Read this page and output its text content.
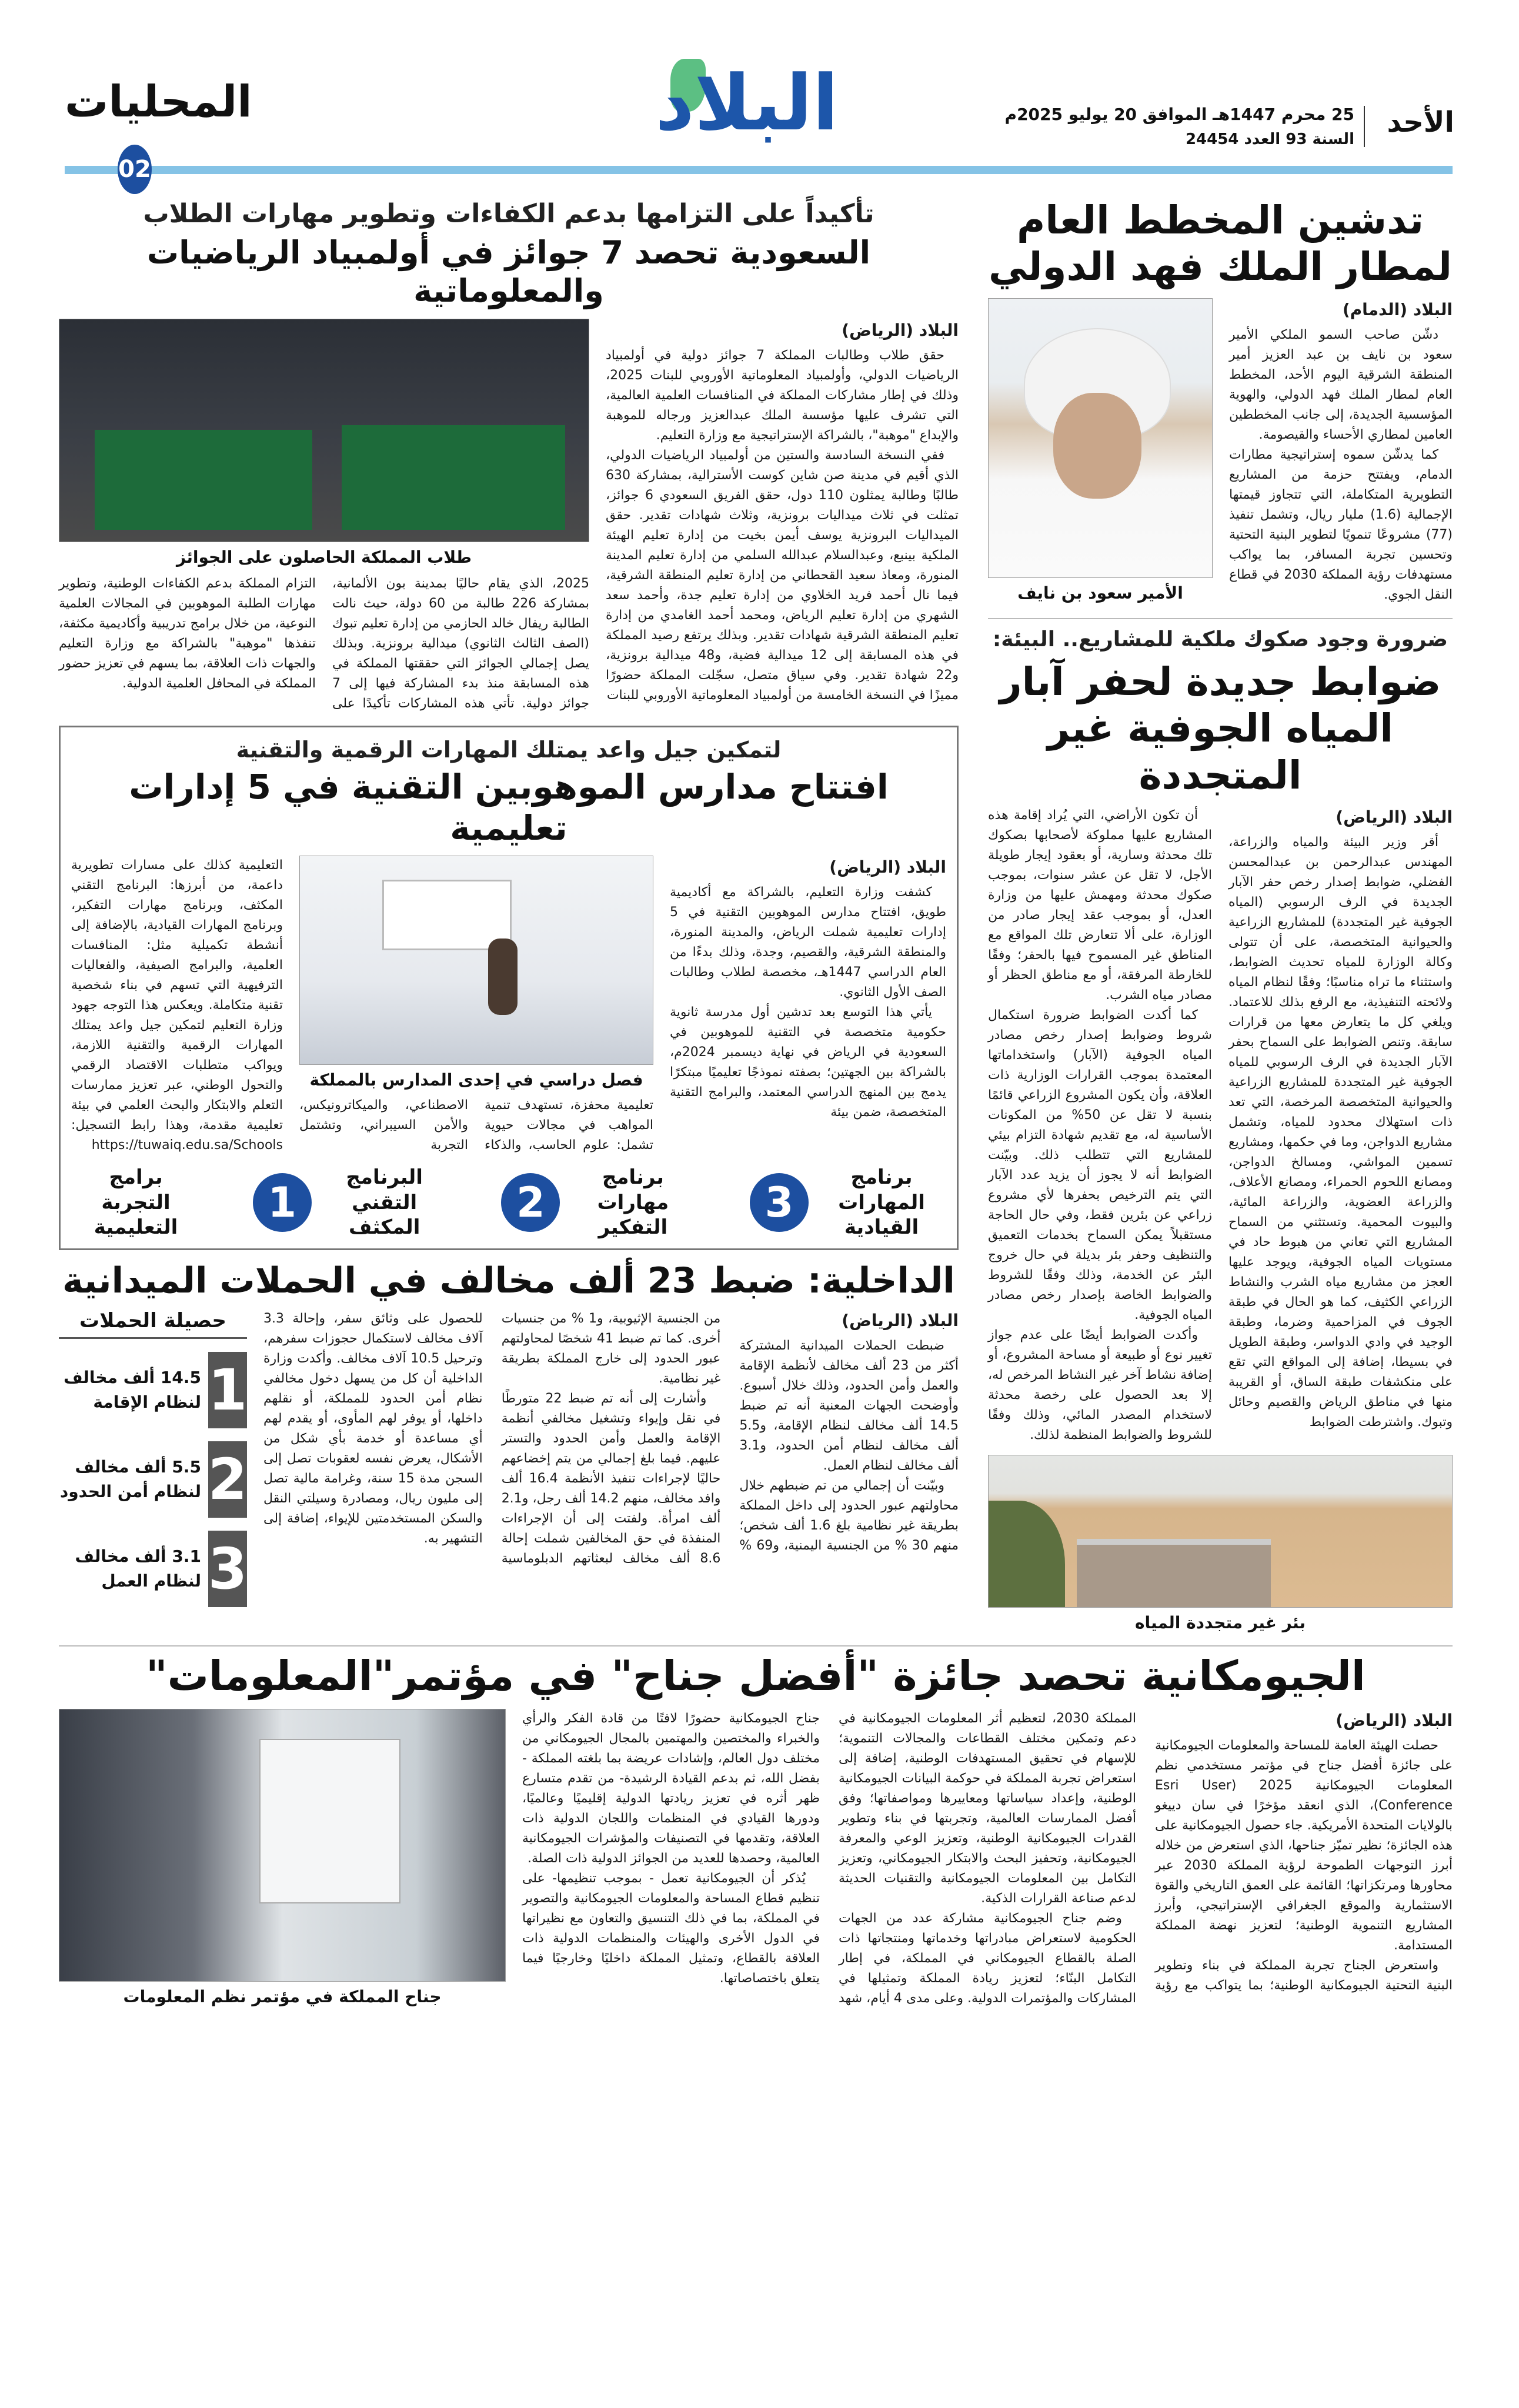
المحليات	البلاد	25 محرم 1447هـ الموافق 20 يوليو 2025م
السنة 93 العدد 24454
الأحد
02
تدشين المخطط العام لمطار الملك فهد الدولي
البلاد (الدمام)

دشّن صاحب السمو الملكي الأمير سعود بن نايف بن عبد العزيز أمير المنطقة الشرقية اليوم الأحد، المخطط العام لمطار الملك فهد الدولي، والهوية المؤسسية الجديدة، إلى جانب المخططين العامين لمطاري الأحساء والقيصومة.

كما يدشّن سموه إستراتيجية مطارات الدمام، ويفتتح حزمة من المشاريع التطويرية المتكاملة، التي تتجاوز قيمتها الإجمالية (1.6) مليار ريال، وتشمل تنفيذ (77) مشروعًا تنمويًا لتطوير البنية التحتية وتحسين تجربة المسافر، بما يواكب مستهدفات رؤية المملكة 2030 في قطاع النقل الجوي.

الأمير سعود بن نايف
ضرورة وجود صكوك ملكية للمشاريع.. البيئة:
ضوابط جديدة لحفر آبار المياه الجوفية غير المتجددة
البلاد (الرياض)

أقر وزير البيئة والمياه والزراعة، المهندس عبدالرحمن بن عبدالمحسن الفضلي، ضوابط إصدار رخص حفر الآبار الجديدة في الرف الرسوبي (المياه الجوفية غير المتجددة) للمشاريع الزراعية والحيوانية المتخصصة، على أن تتولى وكالة الوزارة للمياه تحديث الضوابط، واستثناء ما تراه مناسبًا؛ وفقًا لنظام المياه ولائحته التنفيذية، مع الرفع بذلك للاعتماد. ويلغي كل ما يتعارض معها من قرارات سابقة. وتنص الضوابط على السماح بحفر الآبار الجديدة في الرف الرسوبي للمياه الجوفية غير المتجددة للمشاريع الزراعية والحيوانية المتخصصة المرخصة، التي تعد ذات استهلاك محدود للمياه، وتشمل مشاريع الدواجن، وما في حكمها، ومشاريع تسمين المواشي، ومسالخ الدواجن، ومصانع اللحوم الحمراء، ومصانع الأعلاف، والزراعة العضوية، والزراعة المائية، والبيوت المحمية. وتستثني من السماح المشاريع التي تعاني من هبوط حاد في مستويات المياه الجوفية، ويوجد عليها العجز من مشاريع مياه الشرب والنشاط الزراعي الكثيف، كما هو الحال في طبقة الجوف في المزاحمية وضرما، وطبقة الوجيد في وادي الدواسر، وطبقة الطويل في بسيطا، إضافة إلى المواقع التي تقع على منكشفات طبقة الساق، أو القريبة منها في مناطق الرياض والقصيم وحائل وتبوك. واشترطت الضوابط

أن تكون الأراضي، التي يُراد إقامة هذه المشاريع عليها مملوكة لأصحابها بصكوك تلك محدثة وسارية، أو بعقود إيجار طويلة الأجل، لا تقل عن عشر سنوات، بموجب صكوك محدثة ومهمش عليها من وزارة العدل، أو بموجب عقد إيجار صادر من الوزارة، على ألا تتعارض تلك المواقع مع المناطق غير المسموح فيها بالحفر؛ وفقًا للخارطة المرفقة، أو مع مناطق الحظر أو مصادر مياه الشرب.

كما أكدت الضوابط ضرورة استكمال شروط وضوابط إصدار رخص مصادر المياه الجوفية (الآبار) واستخداماتها المعتمدة بموجب القرارات الوزارية ذات العلاقة، وأن يكون المشروع الزراعي قائمًا بنسبة لا تقل عن 50% من المكونات الأساسية له، مع تقديم شهادة التزام بيئي للمشاريع التي تتطلب ذلك. وبيّنت الضوابط أنه لا يجوز أن يزيد عدد الآبار التي يتم الترخيص بحفرها لأي مشروع زراعي عن بئرين فقط، وفي حال الحاجة مستقبلاً يمكن السماح بخدمات التعميق والتنظيف وحفر بئر بديلة في حال خروج البئر عن الخدمة، وذلك وفقًا للشروط والضوابط الخاصة بإصدار رخص مصادر المياه الجوفية.

وأكدت الضوابط أيضًا على عدم جواز تغيير نوع أو طبيعة أو مساحة المشروع، أو إضافة نشاط آخر غير النشاط المرخص له، إلا بعد الحصول على رخصة محدثة لاستخدام المصدر المائي، وذلك وفقًا للشروط والضوابط المنظمة لذلك.

بئر غير متجددة المياه
تأكيداً على التزامها بدعم الكفاءات وتطوير مهارات الطلاب
السعودية تحصد 7 جوائز في أولمبياد الرياضيات والمعلوماتية
البلاد (الرياض)

حقق طلاب وطالبات المملكة 7 جوائز دولية في أولمبياد الرياضيات الدولي، وأولمبياد المعلوماتية الأوروبي للبنات 2025، وذلك في إطار مشاركات المملكة في المنافسات العلمية العالمية، التي تشرف عليها مؤسسة الملك عبدالعزيز ورجاله للموهبة والإبداع "موهبة"، بالشراكة الإستراتيجية مع وزارة التعليم.

ففي النسخة السادسة والستين من أولمبياد الرياضيات الدولي، الذي أقيم في مدينة صن شاين كوست الأسترالية، بمشاركة 630 طالبًا وطالبة يمثلون 110 دول، حقق الفريق السعودي 6 جوائز، تمثلت في ثلاث ميداليات برونزية، وثلاث شهادات تقدير. حقق الميداليات البرونزية يوسف أيمن بخيت من إدارة تعليم الهيئة الملكية بينبع، وعبدالسلام عبدالله السلمي من إدارة تعليم المدينة المنورة، ومعاذ سعيد القحطاني من إدارة تعليم المنطقة الشرقية، فيما نال أحمد فريد الخلاوي من إدارة تعليم جدة، وأحمد سعد الشهري من إدارة تعليم الرياض، ومحمد أحمد الغامدي من إدارة تعليم المنطقة الشرقية شهادات تقدير. وبذلك يرتفع رصيد المملكة في هذه المسابقة إلى 12 ميدالية فضية، و48 ميدالية برونزية، و22 شهادة تقدير. وفي سياق متصل، سجّلت المملكة حضورًا مميزًا في النسخة الخامسة من أولمبياد المعلوماتية الأوروبي للبنات

طلاب المملكة الحاصلون على الجوائز

2025، الذي يقام حاليًا بمدينة بون الألمانية، بمشاركة 226 طالبة من 60 دولة، حيث نالت الطالبة ريفال خالد الحازمي من إدارة تعليم تبوك (الصف الثالث الثانوي) ميدالية برونزية. وبذلك يصل إجمالي الجوائز التي حققتها المملكة في هذه المسابقة منذ بدء المشاركة فيها إلى 7 جوائز دولية. تأتي هذه المشاركات تأكيدًا على التزام المملكة بدعم الكفاءات الوطنية، وتطوير مهارات الطلبة الموهوبين في المجالات العلمية النوعية، من خلال برامج تدريبية وأكاديمية مكثفة، تنفذها "موهبة" بالشراكة مع وزارة التعليم والجهات ذات العلاقة، بما يسهم في تعزيز حضور المملكة في المحافل العلمية الدولية.

لتمكين جيل واعد يمتلك المهارات الرقمية والتقنية
افتتاح مدارس الموهوبين التقنية في 5 إدارات تعليمية
البلاد (الرياض)

كشفت وزارة التعليم، بالشراكة مع أكاديمية طويق، افتتاح مدارس الموهوبين التقنية في 5 إدارات تعليمية شملت الرياض، والمدينة المنورة، والمنطقة الشرقية، والقصيم، وجدة، وذلك بدءًا من العام الدراسي 1447هـ، مخصصة لطلاب وطالبات الصف الأول الثانوي.

يأتي هذا التوسع بعد تدشين أول مدرسة ثانوية حكومية متخصصة في التقنية للموهوبين في السعودية في الرياض في نهاية ديسمبر 2024م، بالشراكة بين الجهتين؛ بصفته نموذجًا تعليميًا مبتكرًا يدمج بين المنهج الدراسي المعتمد، والبرامج التقنية المتخصصة، ضمن بيئة

فصل دراسي في إحدى المدارس بالمملكة

تعليمية محفزة، تستهدف تنمية المواهب في مجالات حيوية تشمل: علوم الحاسب، والذكاء الاصطناعي، والميكاترونيكس، والأمن السيبراني، وتشتمل التجربة

التعليمية كذلك على مسارات تطويرية داعمة، من أبرزها: البرنامج التقني المكثف، وبرنامج مهارات التفكير، وبرنامج المهارات القيادية، بالإضافة إلى أنشطة تكميلية مثل: المنافسات العلمية، والبرامج الصيفية، والفعاليات الترفيهية التي تسهم في بناء شخصية تقنية متكاملة. ويعكس هذا التوجه جهود وزارة التعليم لتمكين جيل واعد يمتلك المهارات الرقمية والتقنية اللازمة، ويواكب متطلبات الاقتصاد الرقمي والتحول الوطني، عبر تعزيز ممارسات التعلم والابتكار والبحث العلمي في بيئة تعليمية مقدمة، وهذا رابط التسجيل: https://tuwaiq.edu.sa/Schools

برنامج المهارات القيادية
3
برنامج مهارات التفكير
2
البرنامج التقني المكثف
1
برامج التجربة التعليمية
الداخلية: ضبط 23 ألف مخالف في الحملات الميدانية
البلاد (الرياض)

ضبطت الحملات الميدانية المشتركة أكثر من 23 ألف مخالف لأنظمة الإقامة والعمل وأمن الحدود، وذلك خلال أسبوع. وأوضحت الجهات المعنية أنه تم ضبط 14.5 ألف مخالف لنظام الإقامة، و5.5 ألف مخالف لنظام أمن الحدود، و3.1 ألف مخالف لنظام العمل.

وبيّنت أن إجمالي من تم ضبطهم خلال محاولتهم عبور الحدود إلى داخل المملكة بطريقة غير نظامية بلغ 1.6 ألف شخص؛ منهم 30 % من الجنسية اليمنية، و69 % من الجنسية الإثيوبية، و1 % من جنسيات أخرى. كما تم ضبط 41 شخصًا لمحاولتهم عبور الحدود إلى خارج المملكة بطريقة غير نظامية.

وأشارت إلى أنه تم ضبط 22 متورطًا في نقل وإيواء وتشغيل مخالفي أنظمة الإقامة والعمل وأمن الحدود والتستر عليهم. فيما بلغ إجمالي من يتم إخضاعهم حاليًا لإجراءات تنفيذ الأنظمة 16.4 ألف وافد مخالف، منهم 14.2 ألف رجل، و2.1 ألف امرأة. ولفتت إلى أن الإجراءات المنفذة في حق المخالفين شملت إحالة 8.6 ألف مخالف لبعثاتهم الدبلوماسية للحصول على وثائق سفر، وإحالة 3.3 آلاف مخالف لاستكمال حجوزات سفرهم، وترحيل 10.5 آلاف مخالف. وأكدت وزارة الداخلية أن كل من يسهل دخول مخالفي نظام أمن الحدود للمملكة، أو نقلهم داخلها، أو يوفر لهم المأوى، أو يقدم لهم أي مساعدة أو خدمة بأي شكل من الأشكال، يعرض نفسه لعقوبات تصل إلى السجن مدة 15 سنة، وغرامة مالية تصل إلى مليون ريال، ومصادرة وسيلتي النقل والسكن المستخدمتين للإيواء، إضافة إلى التشهير به.

حصيلة الحملات
1
14.5 ألف مخالف
لنظام الإقامة
2
5.5 ألف مخالف
لنظام أمن الحدود
3
3.1 ألف مخالف
لنظام العمل
الجيومكانية تحصد جائزة "أفضل جناح" في مؤتمر"المعلومات"
البلاد (الرياض)

حصلت الهيئة العامة للمساحة والمعلومات الجيومكانية على جائزة أفضل جناح في مؤتمر مستخدمي نظم المعلومات الجيومكانية 2025 (Esri User Conference)، الذي انعقد مؤخرًا في سان دييغو بالولايات المتحدة الأمريكية. جاء حصول الجيومكانية على هذه الجائزة؛ نظير تميّز جناحها، الذي استعرض من خلاله أبرز التوجهات الطموحة لرؤية المملكة 2030 عبر محاورها ومرتكزاتها؛ القائمة على العمق التاريخي والقوة الاستثمارية والموقع الجغرافي الإستراتيجي، وأبرز المشاريع التنموية الوطنية؛ لتعزيز نهضة المملكة المستدامة.

واستعرض الجناح تجربة المملكة في بناء وتطوير البنية التحتية الجيومكانية الوطنية؛ بما يتواكب مع رؤية المملكة 2030، لتعظيم أثر المعلومات الجيومكانية في دعم وتمكين مختلف القطاعات والمجالات التنموية؛ للإسهام في تحقيق المستهدفات الوطنية، إضافة إلى استعراض تجربة المملكة في حوكمة البيانات الجيومكانية الوطنية، وإعداد سياساتها ومعاييرها ومواصفاتها؛ وفق أفضل الممارسات العالمية، وتجربتها في بناء وتطوير القدرات الجيومكانية الوطنية، وتعزيز الوعي والمعرفة الجيومكانية، وتحفيز البحث والابتكار الجيومكاني، وتعزيز التكامل بين المعلومات الجيومكانية والتقنيات الحديثة لدعم صناعة القرارات الذكية.

وضم جناح الجيومكانية مشاركة عدد من الجهات الحكومية لاستعراض مبادراتها وخدماتها ومنتجاتها ذات الصلة بالقطاع الجيومكاني في المملكة، في إطار التكامل البنّاء؛ لتعزيز ريادة المملكة وتمثيلها في المشاركات والمؤتمرات الدولية. وعلى مدى 4 أيام، شهد جناح الجيومكانية حضورًا لافتًا من قادة الفكر والرأي والخبراء والمختصين والمهتمين بالمجال الجيومكاني من مختلف دول العالم، وإشادات عريضة بما بلغته المملكة - بفضل الله، ثم بدعم القيادة الرشيدة- من تقدم متسارع ظهر أثره في تعزيز ريادتها الدولية إقليميًا وعالميًا، ودورها القيادي في المنظمات واللجان الدولية ذات العلاقة، وتقدمها في التصنيفات والمؤشرات الجيومكانية العالمية، وحصدها للعديد من الجوائز الدولية ذات الصلة.

يُذكر أن الجيومكانية تعمل - بموجب تنظيمها- على تنظيم قطاع المساحة والمعلومات الجيومكانية والتصوير في المملكة، بما في ذلك التنسيق والتعاون مع نظيراتها في الدول الأخرى والهيئات والمنظمات الدولية ذات العلاقة بالقطاع، وتمثيل المملكة داخليًا وخارجيًا فيما يتعلق باختصاصاتها.

جناح المملكة في مؤتمر نظم المعلومات
